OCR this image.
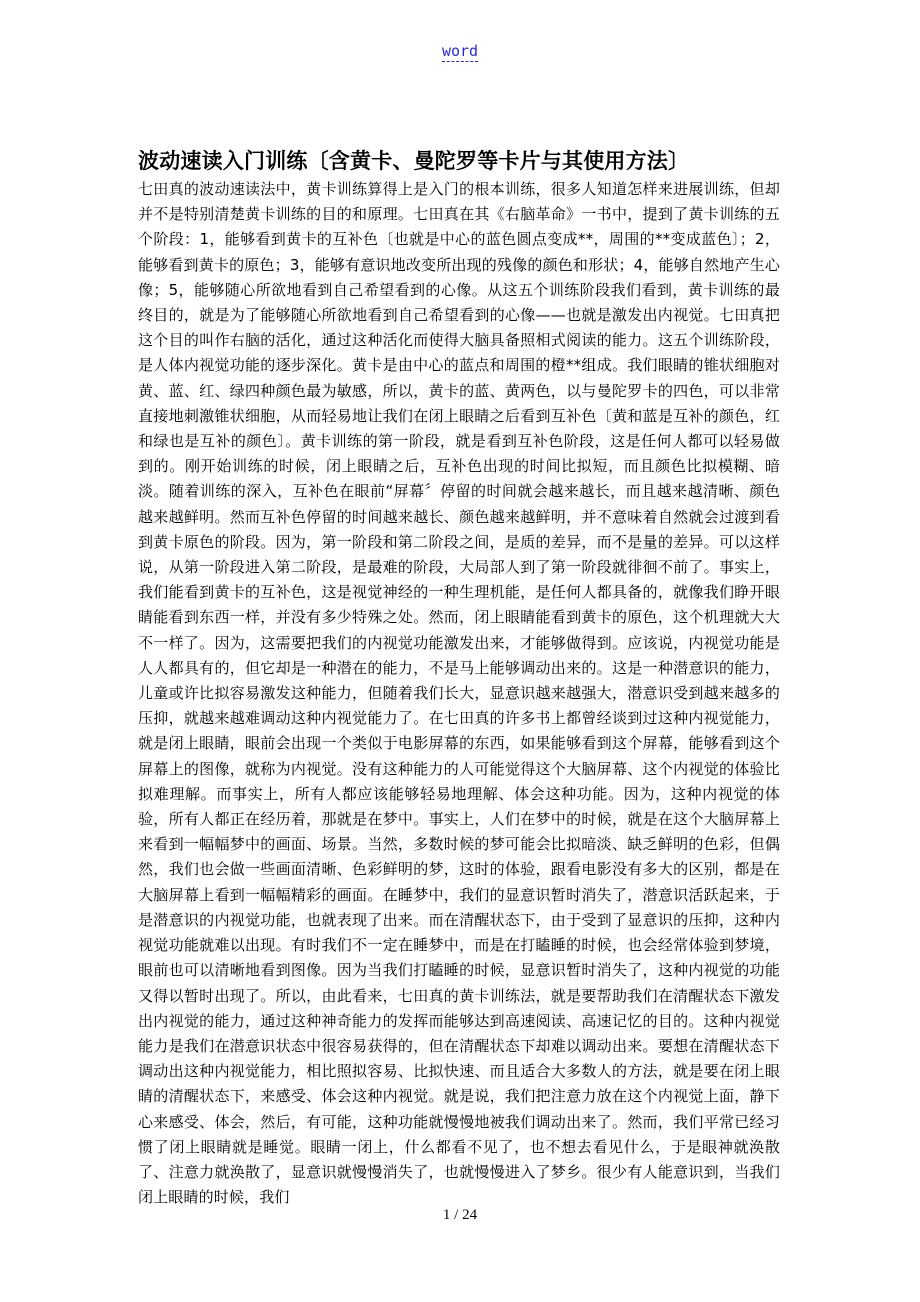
word
波动速读入门训练〔含黄卡、曼陀罗等卡片与其使用方法〕
七田真的波动速读法中，黄卡训练算得上是入门的根本训练，很多人知道怎样来进展训练，但却并不是特别清楚黄卡训练的目的和原理。七田真在其《右脑革命》一书中，提到了黄卡训练的五个阶段：1，能够看到黄卡的互补色〔也就是中心的蓝色圆点变成**，周围的**变成蓝色〕；2，能够看到黄卡的原色；3，能够有意识地改变所出现的残像的颜色和形状；4，能够自然地产生心像；5，能够随心所欲地看到自己希望看到的心像。从这五个训练阶段我们看到，黄卡训练的最终目的，就是为了能够随心所欲地看到自己希望看到的心像——也就是激发出内视觉。七田真把这个目的叫作右脑的活化，通过这种活化而使得大脑具备照相式阅读的能力。这五个训练阶段，是人体内视觉功能的逐步深化。黄卡是由中心的蓝点和周围的橙**组成。我们眼睛的锥状细胞对黄、蓝、红、绿四种颜色最为敏感，所以，黄卡的蓝、黄两色，以与曼陀罗卡的四色，可以非常直接地刺激锥状细胞，从而轻易地让我们在闭上眼睛之后看到互补色〔黄和蓝是互补的颜色，红和绿也是互补的颜色〕。黄卡训练的第一阶段，就是看到互补色阶段，这是任何人都可以轻易做到的。刚开始训练的时候，闭上眼睛之后，互补色出现的时间比拟短，而且颜色比拟模糊、暗淡。随着训练的深入，互补色在眼前“屏幕〞停留的时间就会越来越长，而且越来越清晰、颜色越来越鲜明。然而互补色停留的时间越来越长、颜色越来越鲜明，并不意味着自然就会过渡到看到黄卡原色的阶段。因为，第一阶段和第二阶段之间，是质的差异，而不是量的差异。可以这样说，从第一阶段进入第二阶段，是最难的阶段，大局部人到了第一阶段就徘徊不前了。事实上，我们能看到黄卡的互补色，这是视觉神经的一种生理机能，是任何人都具备的，就像我们睁开眼睛能看到东西一样，并没有多少特殊之处。然而，闭上眼睛能看到黄卡的原色，这个机理就大大不一样了。因为，这需要把我们的内视觉功能激发出来，才能够做得到。应该说，内视觉功能是人人都具有的，但它却是一种潜在的能力，不是马上能够调动出来的。这是一种潜意识的能力，儿童或许比拟容易激发这种能力，但随着我们长大，显意识越来越强大，潜意识受到越来越多的压抑，就越来越难调动这种内视觉能力了。在七田真的许多书上都曾经谈到过这种内视觉能力，就是闭上眼睛，眼前会出现一个类似于电影屏幕的东西，如果能够看到这个屏幕，能够看到这个屏幕上的图像，就称为内视觉。没有这种能力的人可能觉得这个大脑屏幕、这个内视觉的体验比拟难理解。而事实上，所有人都应该能够轻易地理解、体会这种功能。因为，这种内视觉的体验，所有人都正在经历着，那就是在梦中。事实上，人们在梦中的时候，就是在这个大脑屏幕上来看到一幅幅梦中的画面、场景。当然，多数时候的梦可能会比拟暗淡、缺乏鲜明的色彩，但偶然，我们也会做一些画面清晰、色彩鲜明的梦，这时的体验，跟看电影没有多大的区别，都是在大脑屏幕上看到一幅幅精彩的画面。在睡梦中，我们的显意识暂时消失了，潜意识活跃起来，于是潜意识的内视觉功能，也就表现了出来。而在清醒状态下，由于受到了显意识的压抑，这种内视觉功能就难以出现。有时我们不一定在睡梦中，而是在打瞌睡的时候，也会经常体验到梦境，眼前也可以清晰地看到图像。因为当我们打瞌睡的时候，显意识暂时消失了，这种内视觉的功能又得以暂时出现了。所以，由此看来，七田真的黄卡训练法，就是要帮助我们在清醒状态下激发出内视觉的能力，通过这种神奇能力的发挥而能够达到高速阅读、高速记忆的目的。这种内视觉能力是我们在潜意识状态中很容易获得的，但在清醒状态下却难以调动出来。要想在清醒状态下调动出这种内视觉能力，相比照拟容易、比拟快速、而且适合大多数人的方法，就是要在闭上眼睛的清醒状态下，来感受、体会这种内视觉。就是说，我们把注意力放在这个内视觉上面，静下心来感受、体会，然后，有可能，这种功能就慢慢地被我们调动出来了。然而，我们平常已经习惯了闭上眼睛就是睡觉。眼睛一闭上，什么都看不见了，也不想去看见什么，于是眼神就涣散了、注意力就涣散了，显意识就慢慢消失了，也就慢慢进入了梦乡。很少有人能意识到，当我们闭上眼睛的时候，我们
1 / 24
